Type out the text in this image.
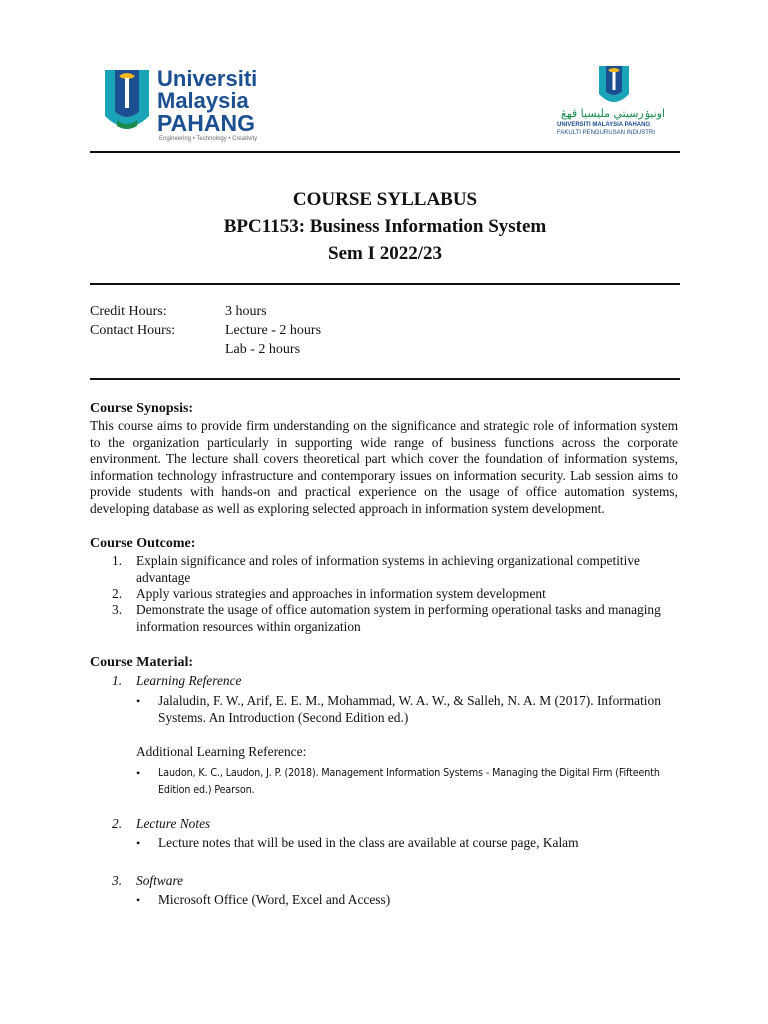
Universiti
Malaysia
PAHANG
Engineering • Technology • Creativity
اونيۏرسيتي مليسيا ڤهڠ
UNIVERSITI MALAYSIA PAHANG
FAKULTI PENGURUSAN INDUSTRI
COURSE SYLLABUS
BPC1153: Business Information System
Sem I 2022/23
Credit Hours:	3 hours
Contact Hours:	Lecture - 2 hours
Lab - 2 hours
Course Synopsis:
This course aims to provide firm understanding on the significance and strategic role of information system to the organization particularly in supporting wide range of business functions across the corporate environment. The lecture shall covers theoretical part which cover the foundation of information systems, information technology infrastructure and contemporary issues on information security. Lab session aims to provide students with hands-on and practical experience on the usage of office automation systems, developing database as well as exploring selected approach in information system development.
Course Outcome:
1. Explain significance and roles of information systems in achieving organizational competitive advantage
2. Apply various strategies and approaches in information system development
3. Demonstrate the usage of office automation system in performing operational tasks and managing information resources within organization
Course Material:
1. Learning Reference
• Jalaludin, F. W., Arif, E. E. M., Mohammad, W. A. W., & Salleh, N. A. M (2017). Information Systems. An Introduction (Second Edition ed.)
Additional Learning Reference:
• Laudon, K. C., Laudon, J. P. (2018). Management Information Systems - Managing the Digital Firm (Fifteenth Edition ed.) Pearson.
2. Lecture Notes
• Lecture notes that will be used in the class are available at course page, Kalam
3. Software
• Microsoft Office (Word, Excel and Access)
